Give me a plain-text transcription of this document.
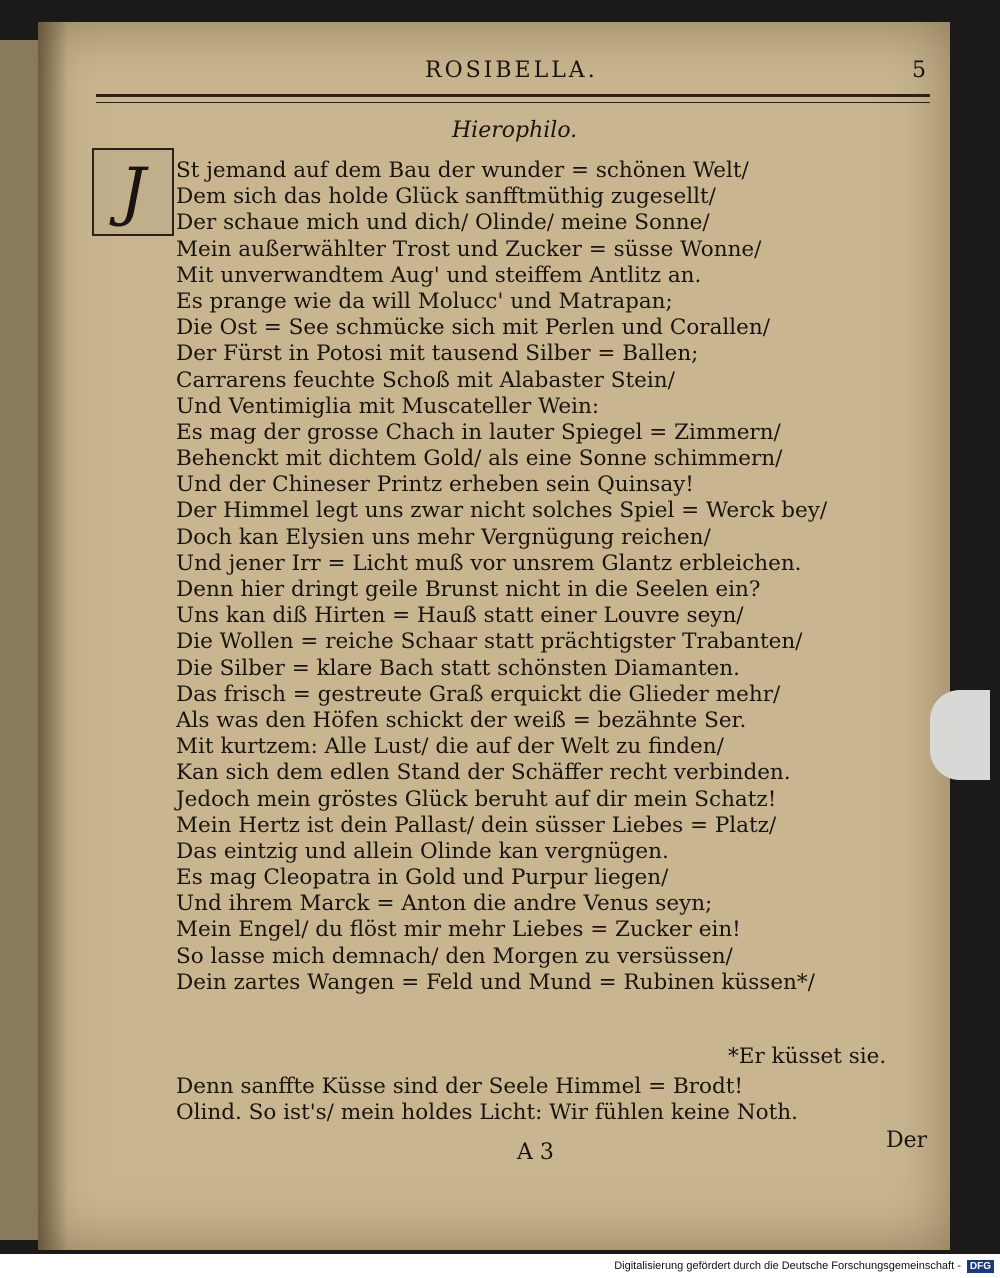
ROSIBELLA.	5
Hierophilo.
J	St jemand auf dem Bau der wunder = schönen Welt/
Dem sich das holde Glück sanfftmüthig zugesellt/
Der schaue mich und dich/ Olinde/ meine Sonne/
Mein außerwählter Trost und Zucker = süsse Wonne/
Mit unverwandtem Aug' und steiffem Antlitz an.
Es prange wie da will Molucc' und Matrapan;
Die Ost = See schmücke sich mit Perlen und Corallen/
Der Fürst in Potosi mit tausend Silber = Ballen;
Carrarens feuchte Schoß mit Alabaster Stein/
Und Ventimiglia mit Muscateller Wein:
Es mag der grosse Chach in lauter Spiegel = Zimmern/
Behenckt mit dichtem Gold/ als eine Sonne schimmern/
Und der Chineser Printz erheben sein Quinsay!
Der Himmel legt uns zwar nicht solches Spiel = Werck bey/
Doch kan Elysien uns mehr Vergnügung reichen/
Und jener Irr = Licht muß vor unsrem Glantz erbleichen.
Denn hier dringt geile Brunst nicht in die Seelen ein?
Uns kan diß Hirten = Hauß statt einer Louvre seyn/
Die Wollen = reiche Schaar statt prächtigster Trabanten/
Die Silber = klare Bach statt schönsten Diamanten.
Das frisch = gestreute Graß erquickt die Glieder mehr/
Als was den Höfen schickt der weiß = bezähnte Ser.
Mit kurtzem: Alle Lust/ die auf der Welt zu finden/
Kan sich dem edlen Stand der Schäffer recht verbinden.
Jedoch mein gröstes Glück beruht auf dir mein Schatz!
Mein Hertz ist dein Pallast/ dein süsser Liebes = Platz/
Das eintzig und allein Olinde kan vergnügen.
Es mag Cleopatra in Gold und Purpur liegen/
Und ihrem Marck = Anton die andre Venus seyn;
Mein Engel/ du flöst mir mehr Liebes = Zucker ein!
So lasse mich demnach/ den Morgen zu versüssen/
Dein zartes Wangen = Feld und Mund = Rubinen küssen*/
*Er küsset sie.
Denn sanffte Küsse sind der Seele Himmel = Brodt!
Olind. So ist's/ mein holdes Licht: Wir fühlen keine Noth.
A 3	Der
Digitalisierung gefördert durch die Deutsche Forschungsgemeinschaft - DFG
